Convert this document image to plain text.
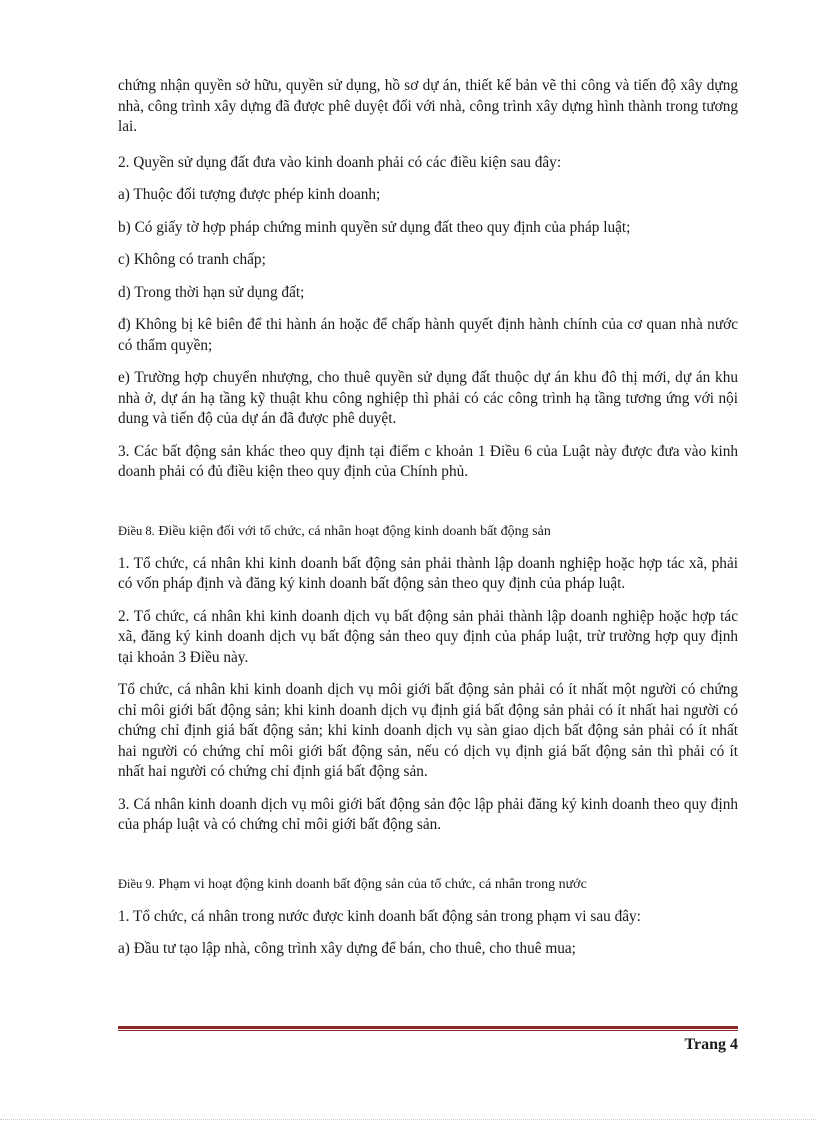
chứng nhận quyền sở hữu, quyền sử dụng, hồ sơ dự án, thiết kế bản vẽ thi công và tiến độ xây dựng nhà, công trình xây dựng đã được phê duyệt đối với nhà, công trình xây dựng hình thành trong tương lai.

2. Quyền sử dụng đất đưa vào kinh doanh phải có các điều kiện sau đây:

a) Thuộc đối tượng được phép kinh doanh;

b) Có giấy tờ hợp pháp chứng minh quyền sử dụng đất theo quy định của pháp luật;

c) Không có tranh chấp;

d) Trong thời hạn sử dụng đất;

đ) Không bị kê biên để thi hành án hoặc để chấp hành quyết định hành chính của cơ quan nhà nước có thẩm quyền;

e) Trường hợp chuyển nhượng, cho thuê quyền sử dụng đất thuộc dự án khu đô thị mới, dự án khu nhà ở, dự án hạ tầng kỹ thuật khu công nghiệp thì phải có các công trình hạ tầng tương ứng với nội dung và tiến độ của dự án đã được phê duyệt.

3. Các bất động sản khác theo quy định tại điểm c khoản 1 Điều 6 của Luật này được đưa vào kinh doanh phải có đủ điều kiện theo quy định của Chính phủ.

Điều 8. Điều kiện đối với tổ chức, cá nhân hoạt động kinh doanh bất động sản

1. Tổ chức, cá nhân khi kinh doanh bất động sản phải thành lập doanh nghiệp hoặc hợp tác xã, phải có vốn pháp định và đăng ký kinh doanh bất động sản theo quy định của pháp luật.

2. Tổ chức, cá nhân khi kinh doanh dịch vụ bất động sản phải thành lập doanh nghiệp hoặc hợp tác xã, đăng ký kinh doanh dịch vụ bất động sản theo quy định của pháp luật, trừ trường hợp quy định tại khoản 3 Điều này.

Tổ chức, cá nhân khi kinh doanh dịch vụ môi giới bất động sản phải có ít nhất một người có chứng chỉ môi giới bất động sản; khi kinh doanh dịch vụ định giá bất động sản phải có ít nhất hai người có chứng chỉ định giá bất động sản; khi kinh doanh dịch vụ sàn giao dịch bất động sản phải có ít nhất hai người có chứng chỉ môi giới bất động sản, nếu có dịch vụ định giá bất động sản thì phải có ít nhất hai người có chứng chỉ định giá bất động sản.

3. Cá nhân kinh doanh dịch vụ môi giới bất động sản độc lập phải đăng ký kinh doanh theo quy định của pháp luật và có chứng chỉ môi giới bất động sản.

Điều 9. Phạm vi hoạt động kinh doanh bất động sản của tổ chức, cá nhân trong nước

1. Tổ chức, cá nhân trong nước được kinh doanh bất động sản trong phạm vi sau đây:

a) Đầu tư tạo lập nhà, công trình xây dựng để bán, cho thuê, cho thuê mua;

Trang 4
